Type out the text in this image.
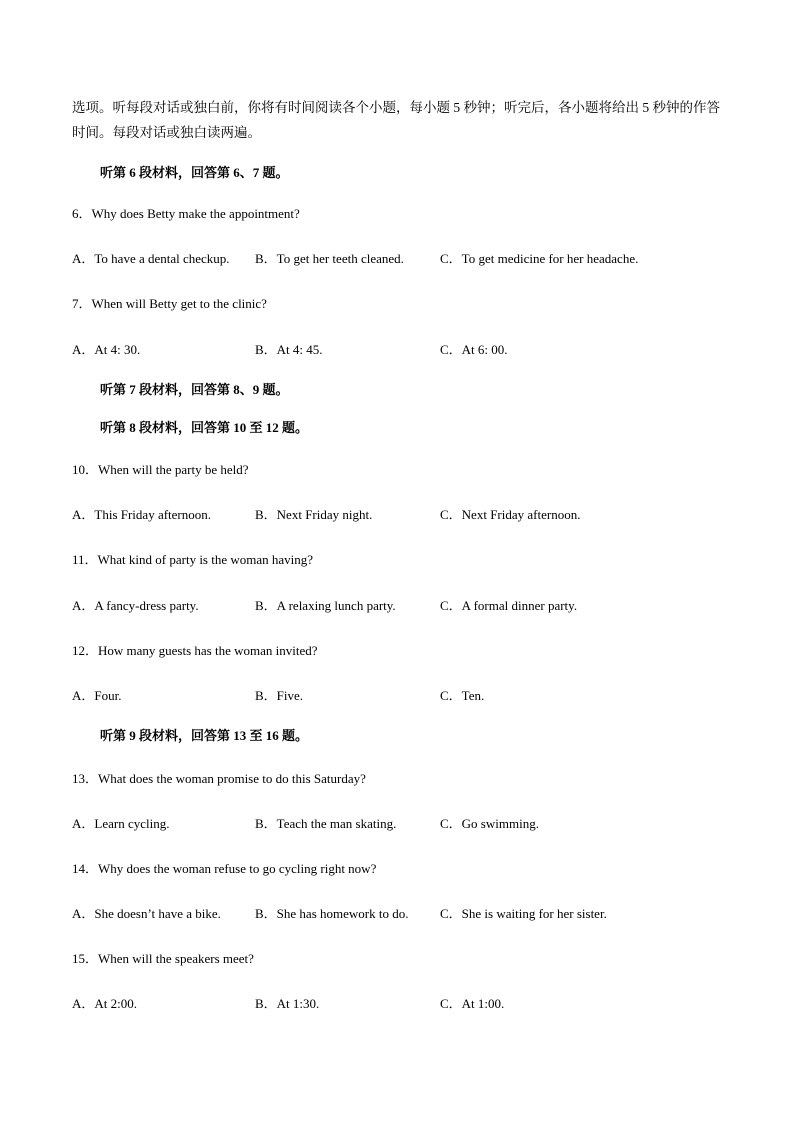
选项。听每段对话或独白前，你将有时间阅读各个小题，每小题 5 秒钟；听完后，各小题将给出 5 秒钟的作答时间。每段对话或独白读两遍。
听第 6 段材料，回答第 6、7 题。
6．Why does Betty make the appointment?
A．To have a dental checkup. B．To get her teeth cleaned.	C．To get medicine for her headache.
7．When will Betty get to the clinic?
A．At 4: 30.	B．At 4: 45.	C．At 6: 00.
听第 7 段材料，回答第 8、9 题。
听第 8 段材料，回答第 10 至 12 题。
10．When will the party be held?
A．This Friday afternoon.	B．Next Friday night.	C．Next Friday afternoon.
11．What kind of party is the woman having?
A．A fancy-dress party.	B．A relaxing lunch party.	C．A formal dinner party.
12．How many guests has the woman invited?
A．Four.	B．Five.	C．Ten.
听第 9 段材料，回答第 13 至 16 题。
13．What does the woman promise to do this Saturday?
A．Learn cycling.	B．Teach the man skating.	C．Go swimming.
14．Why does the woman refuse to go cycling right now?
A．She doesn’t have a bike.	B．She has homework to do. C．She is waiting for her sister.
15．When will the speakers meet?
A．At 2:00.	B．At 1:30.	C．At 1:00.
